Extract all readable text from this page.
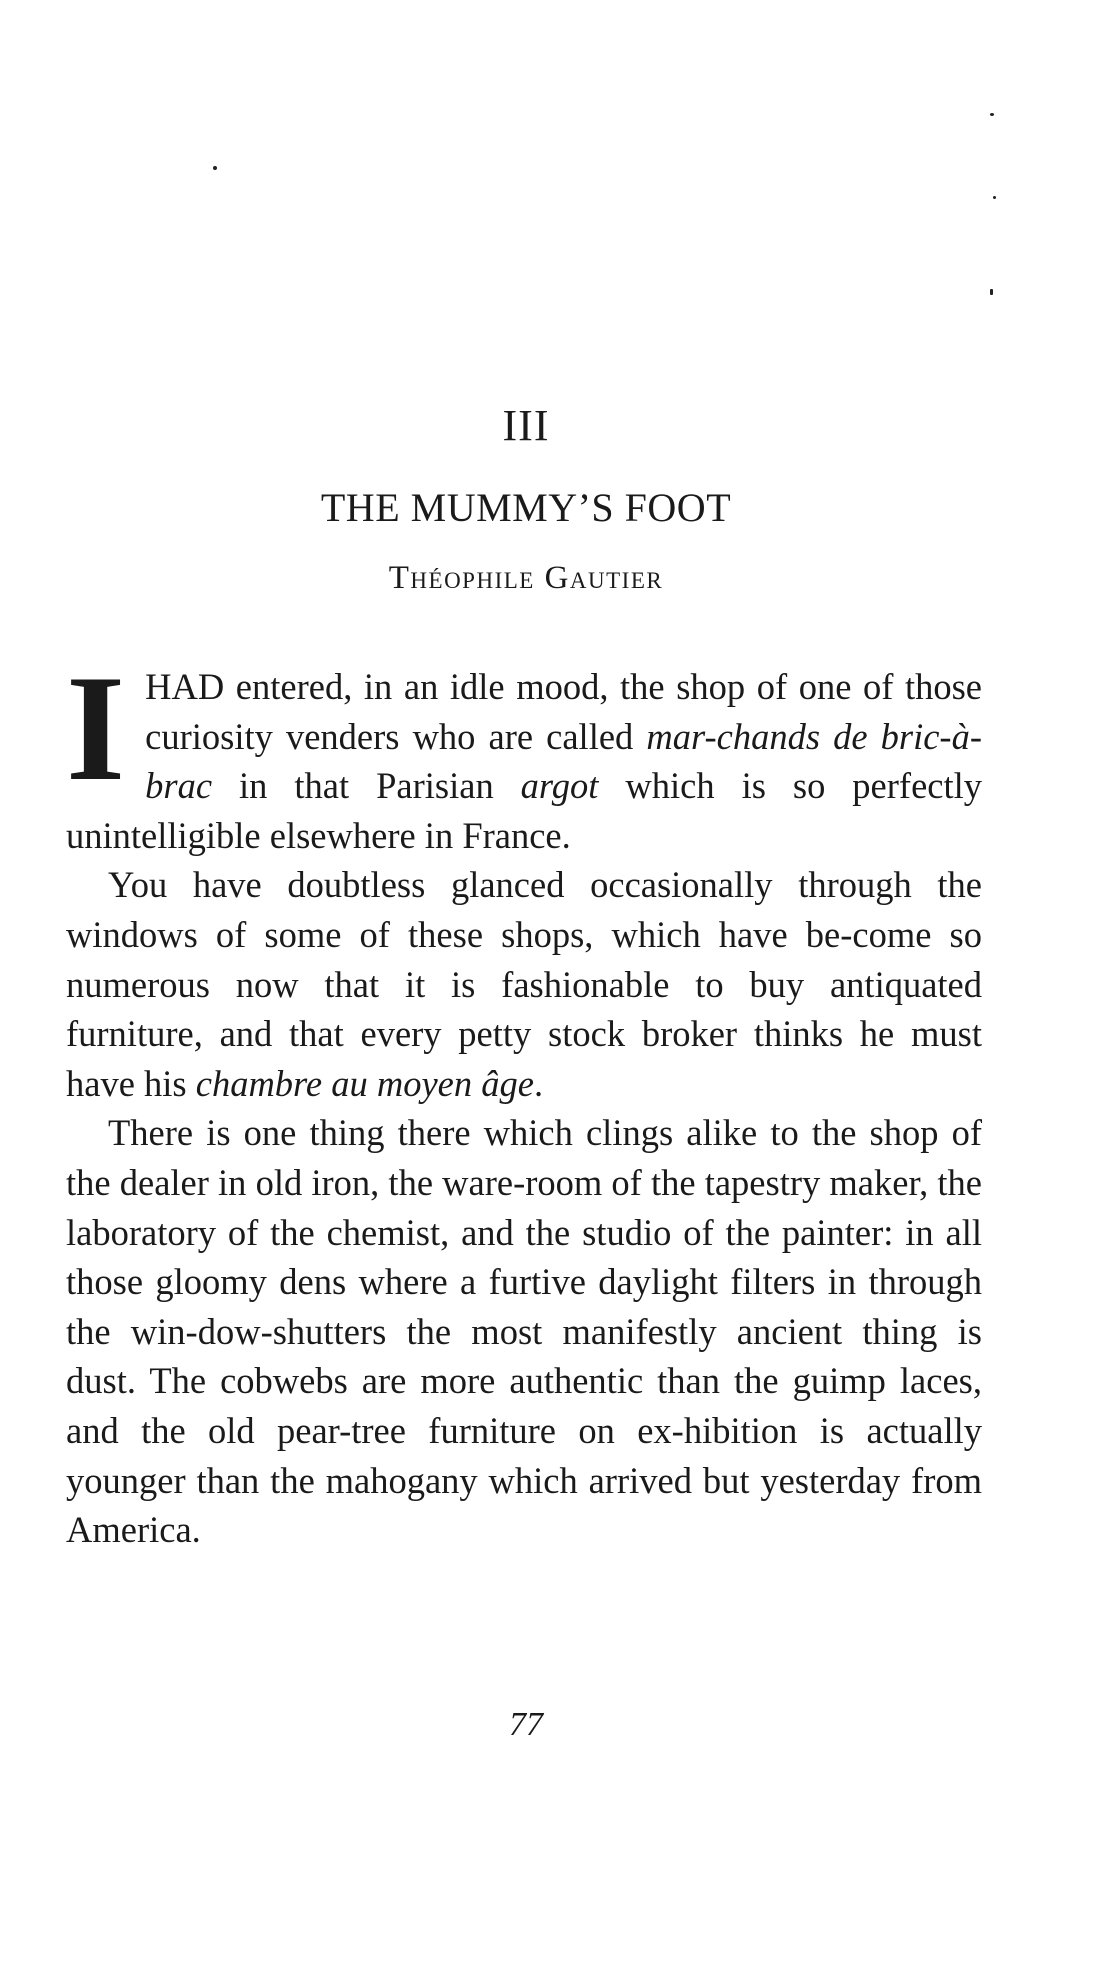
III
THE MUMMY’S FOOT
Théophile Gautier

IHAD entered, in an idle mood, the shop of one of those curiosity venders who are called mar-chands de bric-à-brac in that Parisian argot which is so perfectly unintelligible elsewhere in France.

You have doubtless glanced occasionally through the windows of some of these shops, which have be-come so numerous now that it is fashionable to buy antiquated furniture, and that every petty stock broker thinks he must have his chambre au moyen âge.

There is one thing there which clings alike to the shop of the dealer in old iron, the ware-room of the tapestry maker, the laboratory of the chemist, and the studio of the painter: in all those gloomy dens where a furtive daylight filters in through the win-dow-shutters the most manifestly ancient thing is dust. The cobwebs are more authentic than the guimp laces, and the old pear-tree furniture on ex-hibition is actually younger than the mahogany which arrived but yesterday from America.

77
